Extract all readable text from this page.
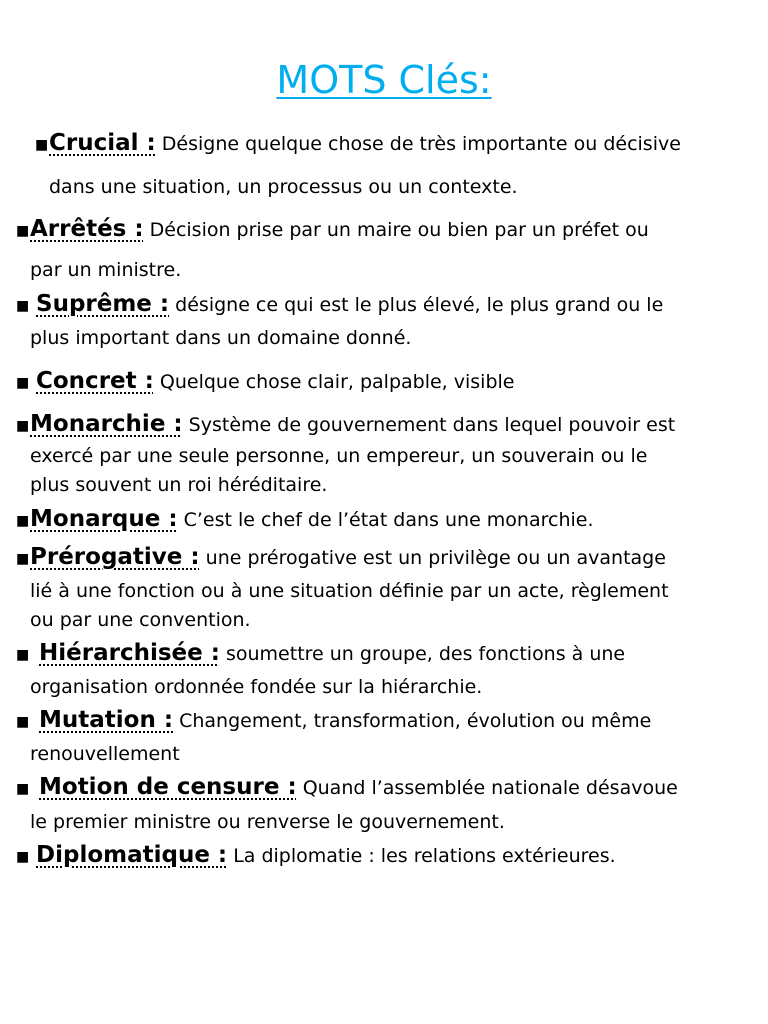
MOTS Clés:
■ Crucial : Désigne quelque chose de très importante ou décisive
dans une situation, un processus ou un contexte.
■ Arrêtés : Décision prise par un maire ou bien par un préfet ou
par un ministre.
■ Suprême : désigne ce qui est le plus élevé, le plus grand ou le
plus important dans un domaine donné.
■ Concret : Quelque chose clair, palpable, visible
■ Monarchie : Système de gouvernement dans lequel pouvoir est
exercé par une seule personne, un empereur, un souverain ou le
plus souvent un roi héréditaire.
■ Monarque : C’est le chef de l’état dans une monarchie.
■ Prérogative : une prérogative est un privilège ou un avantage
lié à une fonction ou à une situation définie par un acte, règlement
ou par une convention.
■ Hiérarchisée : soumettre un groupe, des fonctions à une
organisation ordonnée fondée sur la hiérarchie.
■ Mutation : Changement, transformation, évolution ou même
renouvellement
■ Motion de censure : Quand l’assemblée nationale désavoue
le premier ministre ou renverse le gouvernement.
■ Diplomatique : La diplomatie : les relations extérieures.
